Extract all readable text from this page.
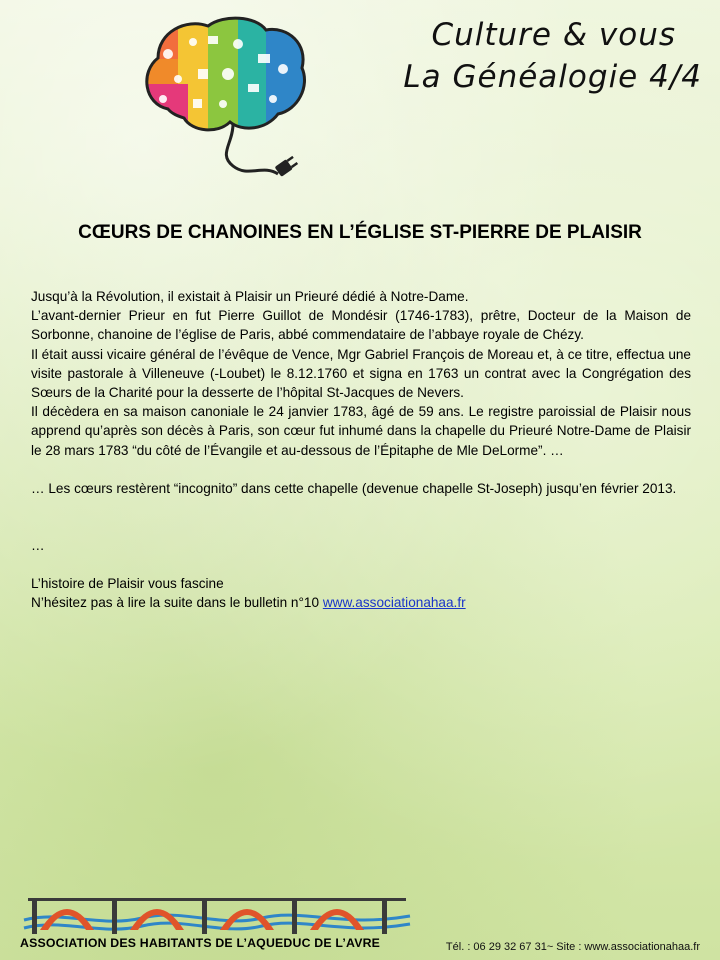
Culture & vous

La Généalogie 4/4
CŒURS DE CHANOINES EN L’ÉGLISE ST-PIERRE DE PLAISIR

Jusqu’à la Révolution, il existait à Plaisir un Prieuré dédié à Notre-Dame.

L’avant-dernier Prieur en fut Pierre Guillot de Mondésir (1746-1783), prêtre, Docteur de la Maison de Sorbonne, chanoine de l’église de Paris, abbé commendataire de l’abbaye royale de Chézy.

Il était aussi vicaire général de l’évêque de Vence, Mgr Gabriel François de Moreau et, à ce titre, effectua une visite pastorale à Villeneuve (-Loubet) le 8.12.1760 et signa en 1763 un contrat avec la Congrégation des Sœurs de la Charité pour la desserte de l’hôpital St-Jacques de Nevers.

Il décèdera en sa maison canoniale le 24 janvier 1783, âgé de 59 ans. Le registre paroissial de Plaisir nous apprend qu’après son décès à Paris, son cœur fut inhumé dans la chapelle du Prieuré Notre-Dame de Plaisir le 28 mars 1783 “du côté de l’Évangile et au-dessous de l’Épitaphe de Mle DeLorme”. …

… Les cœurs restèrent “incognito” dans cette chapelle (devenue chapelle St-Joseph) jusqu’en février 2013.

…

L’histoire de Plaisir vous fascine

N’hésitez pas à lire la suite dans le bulletin n°10 www.associationahaa.fr

ASSOCIATION DES HABITANTS DE L’AQUEDUC DE L’AVRE	Tél. : 06 29 32 67 31~ Site : www.associationahaa.fr
